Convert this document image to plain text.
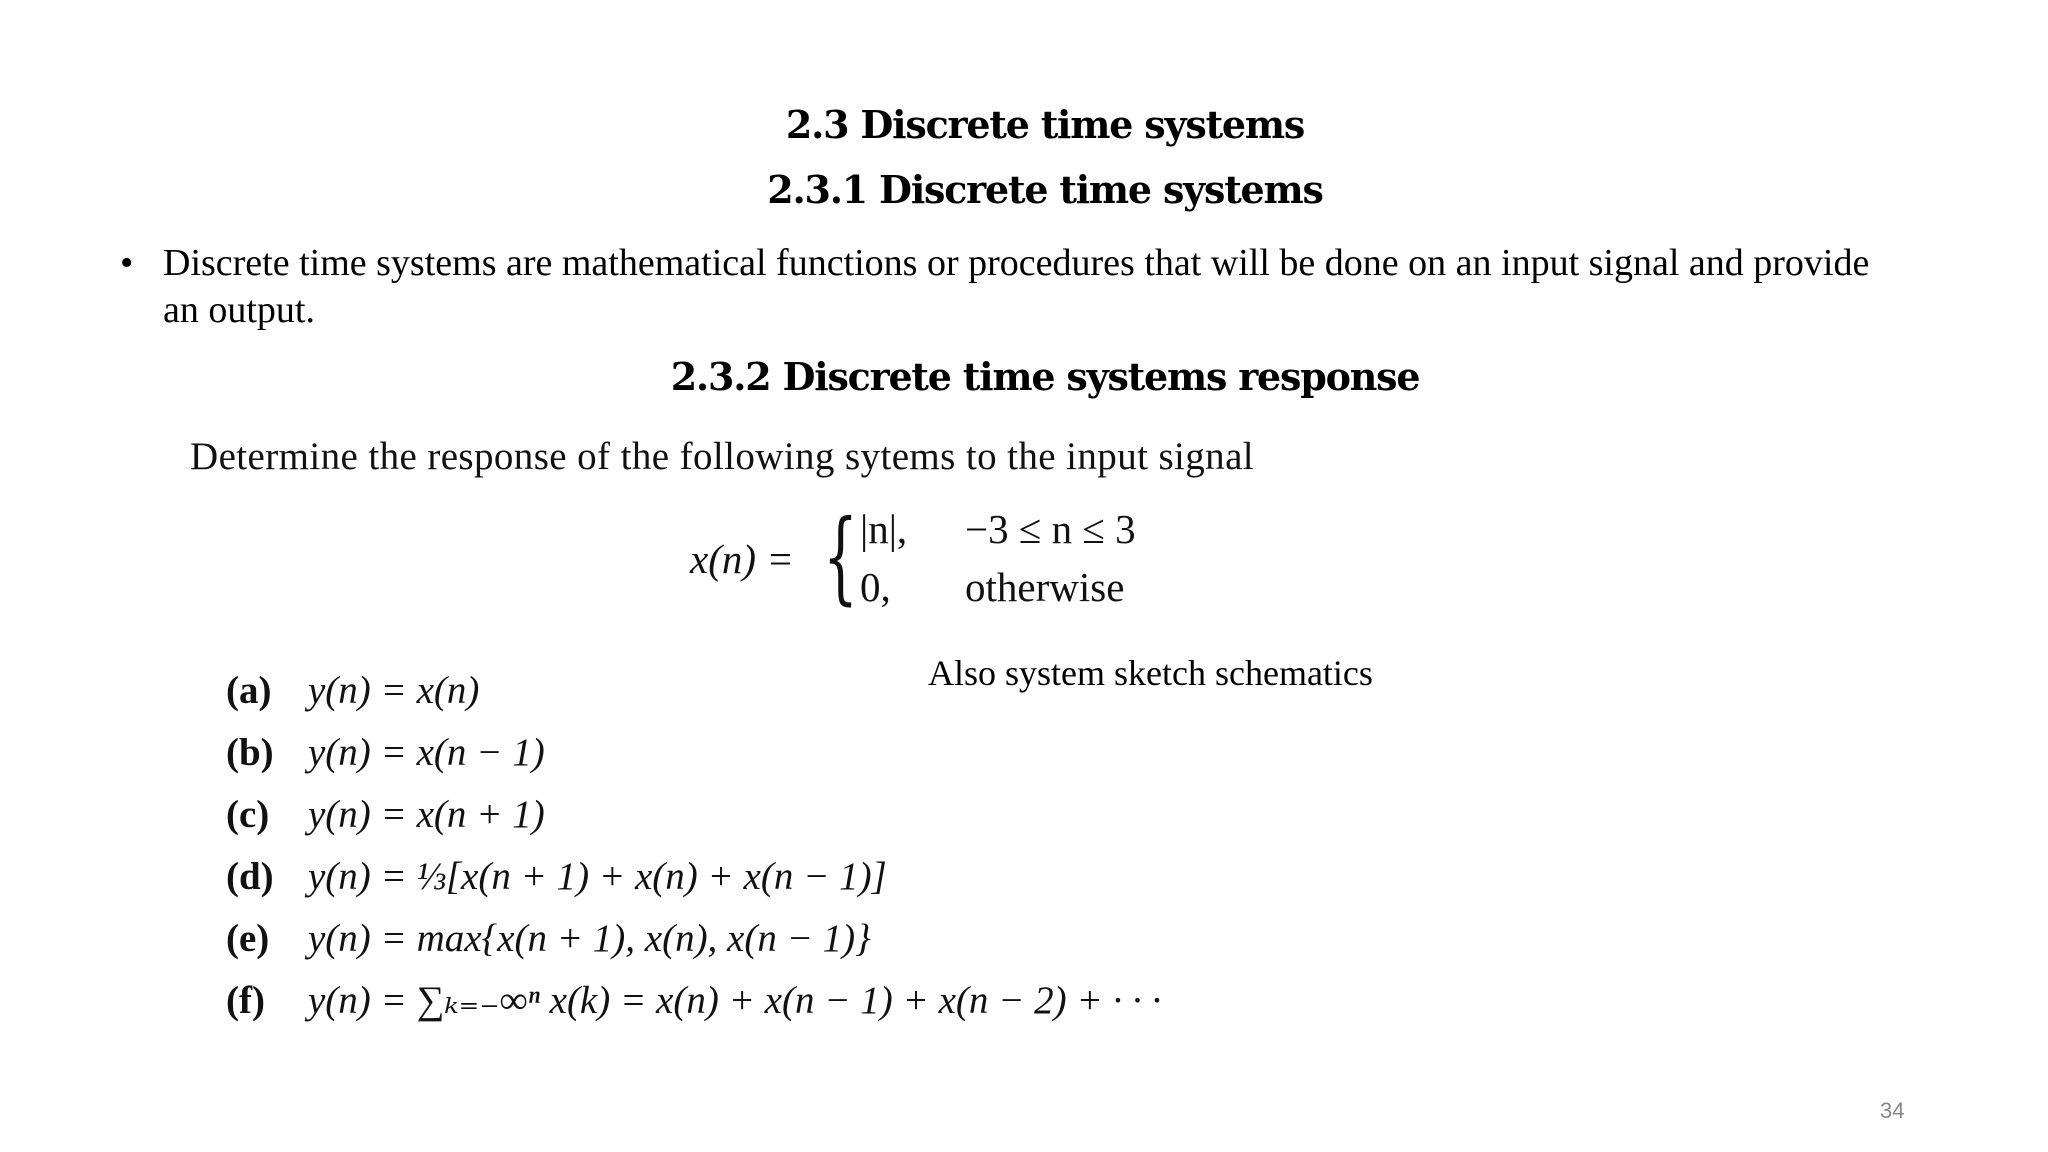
2.3 Discrete time systems
2.3.1 Discrete time systems
• Discrete time systems are mathematical functions or procedures that will be done on an input signal and provide an output.
2.3.2 Discrete time systems response
Determine the response of the following sytems to the input signal
x(n) = { |n|, −3 ≤ n ≤ 3
0, otherwise
Also system sketch schematics
(a) y(n) = x(n)
(b) y(n) = x(n − 1)
(c) y(n) = x(n + 1)
(d) y(n) = ⅓[x(n + 1) + x(n) + x(n − 1)]
(e) y(n) = max{x(n + 1), x(n), x(n − 1)}
(f) y(n) = ∑ₖ₌₋∞ⁿ x(k) = x(n) + x(n − 1) + x(n − 2) + · · ·
34
